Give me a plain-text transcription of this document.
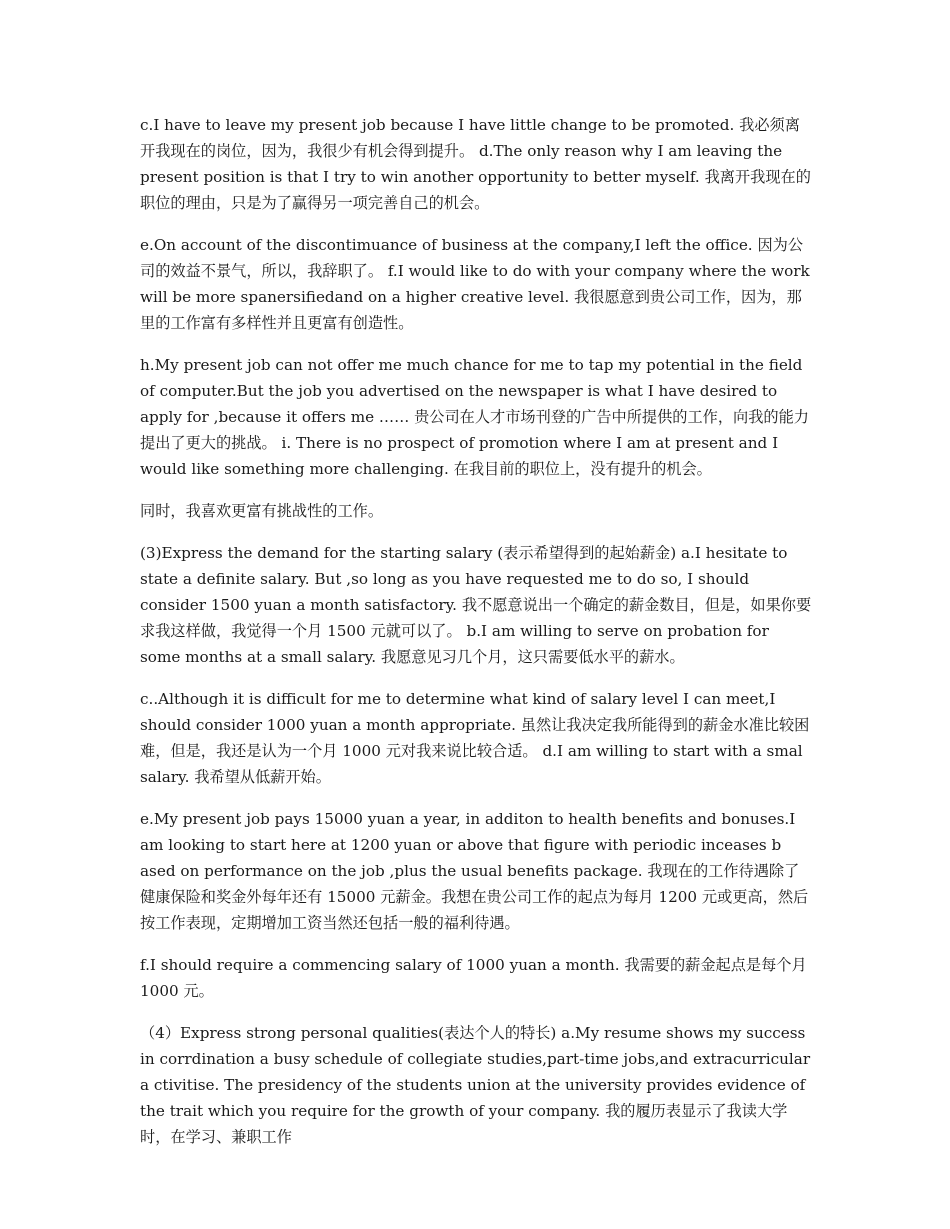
c.I have to leave my present job because I have little change to be promoted. 我必须离开我现在的岗位，因为，我很少有机会得到提升。 d.The only reason why I am leaving the present position is that I try to win another opportunity to better myself. 我离开我现在的职位的理由，只是为了赢得另一项完善自己的机会。

e.On account of the discontimuance of business at the company,I left the office. 因为公司的效益不景气，所以，我辞职了。 f.I would like to do with your company where the work will be more spanersifiedand on a higher creative level. 我很愿意到贵公司工作，因为，那里的工作富有多样性并且更富有创造性。

h.My present job can not offer me much chance for me to tap my potential in the field of computer.But the job you advertised on the newspaper is what I have desired to apply for ,because it offers me …… 贵公司在人才市场刊登的广告中所提供的工作，向我的能力提出了更大的挑战。 i. There is no prospect of promotion where I am at present and I would like something more challenging. 在我目前的职位上，没有提升的机会。

同时，我喜欢更富有挑战性的工作。

(3)Express the demand for the starting salary (表示希望得到的起始薪金) a.I hesitate to state a definite salary. But ,so long as you have requested me to do so, I should consider 1500 yuan a month satisfactory. 我不愿意说出一个确定的薪金数目，但是，如果你要求我这样做，我觉得一个月 1500 元就可以了。 b.I am willing to serve on probation for some months at a small salary. 我愿意见习几个月，这只需要低水平的薪水。

c..Although it is difficult for me to determine what kind of salary level I can meet,I should consider 1000 yuan a month appropriate. 虽然让我决定我所能得到的薪金水准比较困难，但是，我还是认为一个月 1000 元对我来说比较合适。 d.I am willing to start with a smal salary. 我希望从低薪开始。

e.My present job pays 15000 yuan a year, in additon to health benefits and bonuses.I am looking to start here at 1200 yuan or above that figure with periodic inceases b ased on performance on the job ,plus the usual benefits package. 我现在的工作待遇除了健康保险和奖金外每年还有 15000 元薪金。我想在贵公司工作的起点为每月 1200 元或更高，然后按工作表现，定期增加工资当然还包括一般的福利待遇。

f.I should require a commencing salary of 1000 yuan a month. 我需要的薪金起点是每个月 1000 元。

（4）Express strong personal qualities(表达个人的特长) a.My resume shows my success in corrdination a busy schedule of collegiate studies,part-time jobs,and extracurricular a ctivitise. The presidency of the students union at the university provides evidence of the trait which you require for the growth of your company. 我的履历表显示了我读大学时，在学习、兼职工作
